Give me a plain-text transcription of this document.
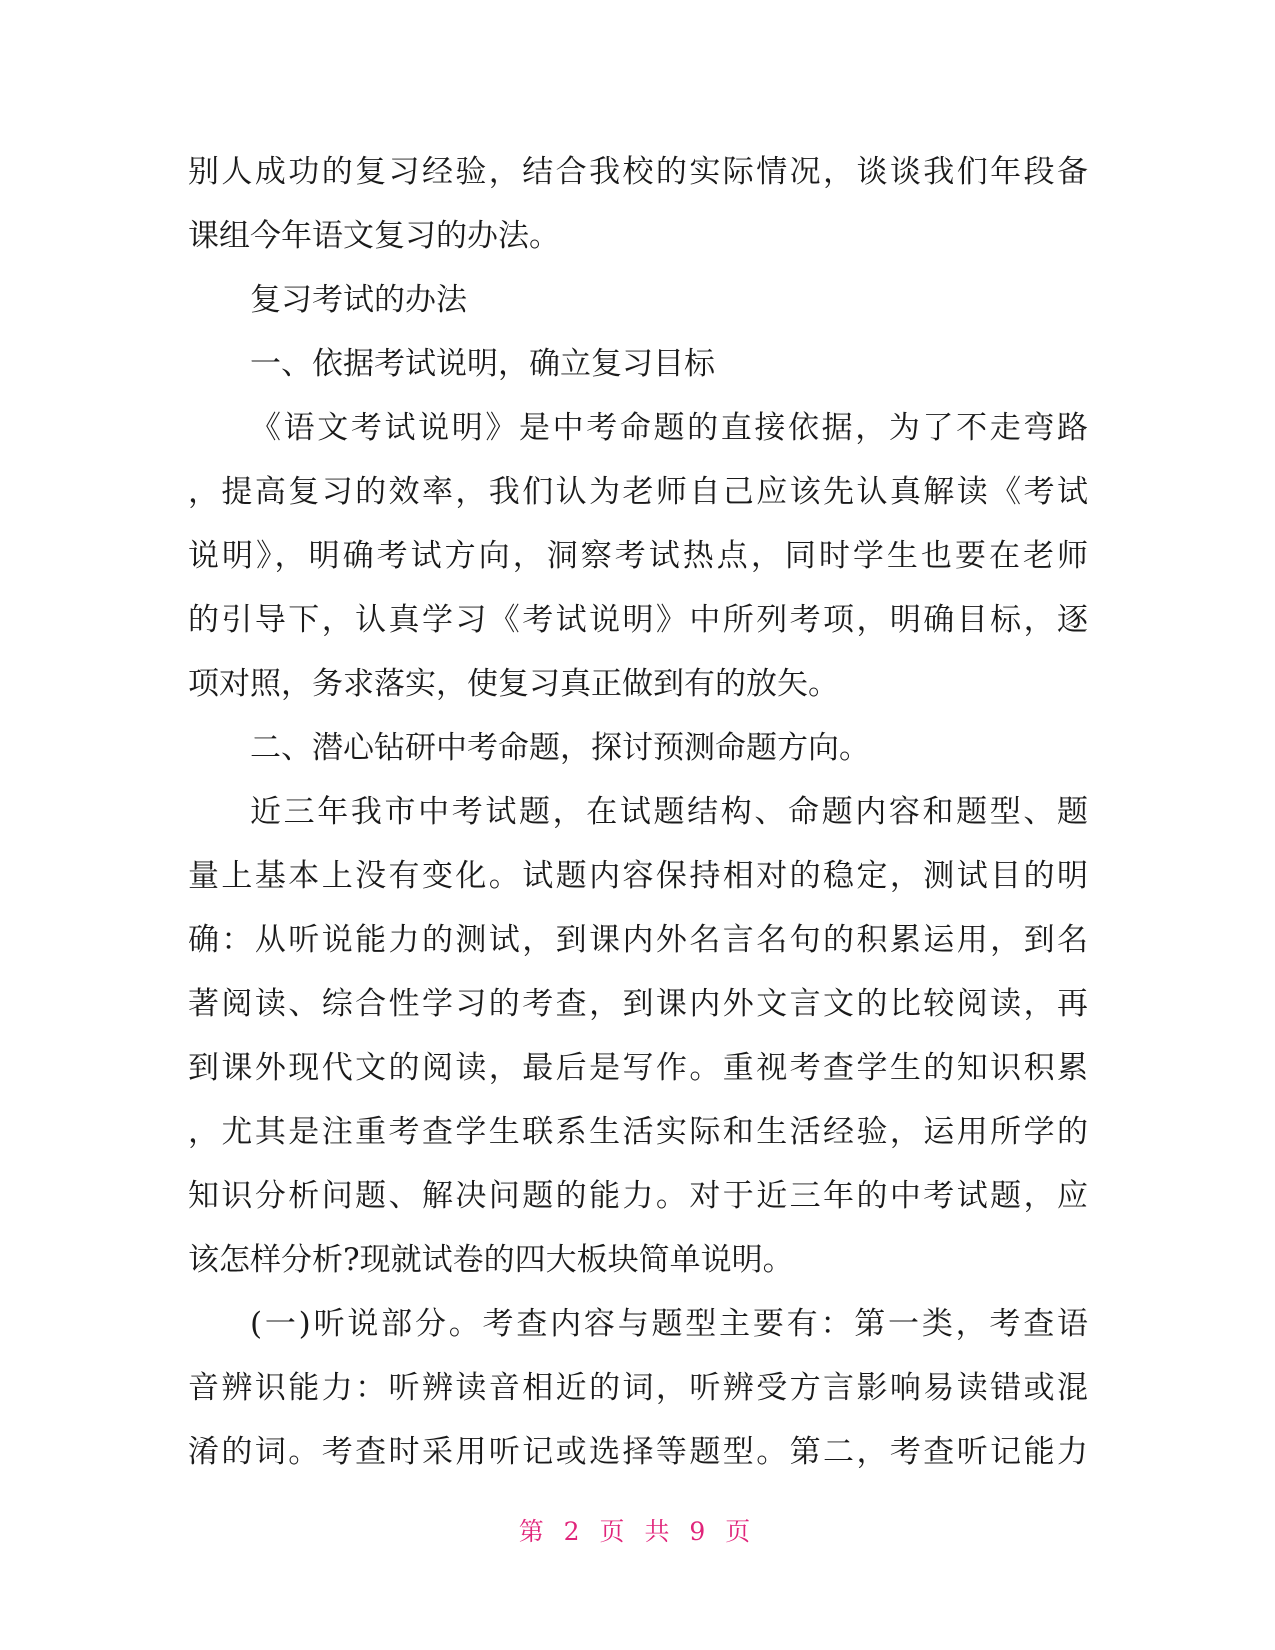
别人成功的复习经验，结合我校的实际情况，谈谈我们年段备
课组今年语文复习的办法。
复习考试的办法
一、依据考试说明，确立复习目标
《语文考试说明》是中考命题的直接依据，为了不走弯路
，提高复习的效率，我们认为老师自己应该先认真解读《考试
说明》，明确考试方向，洞察考试热点，同时学生也要在老师
的引导下，认真学习《考试说明》中所列考项，明确目标，逐
项对照，务求落实，使复习真正做到有的放矢。
二、潜心钻研中考命题，探讨预测命题方向。
近三年我市中考试题，在试题结构、命题内容和题型、题
量上基本上没有变化。试题内容保持相对的稳定，测试目的明
确：从听说能力的测试，到课内外名言名句的积累运用，到名
著阅读、综合性学习的考查，到课内外文言文的比较阅读，再
到课外现代文的阅读，最后是写作。重视考查学生的知识积累
，尤其是注重考查学生联系生活实际和生活经验，运用所学的
知识分析问题、解决问题的能力。对于近三年的中考试题，应
该怎样分析?现就试卷的四大板块简单说明。
(一)听说部分。考查内容与题型主要有：第一类，考查语
音辨识能力：听辨读音相近的词，听辨受方言影响易读错或混
淆的词。考查时采用听记或选择等题型。第二，考查听记能力
第 2 页 共 9 页
